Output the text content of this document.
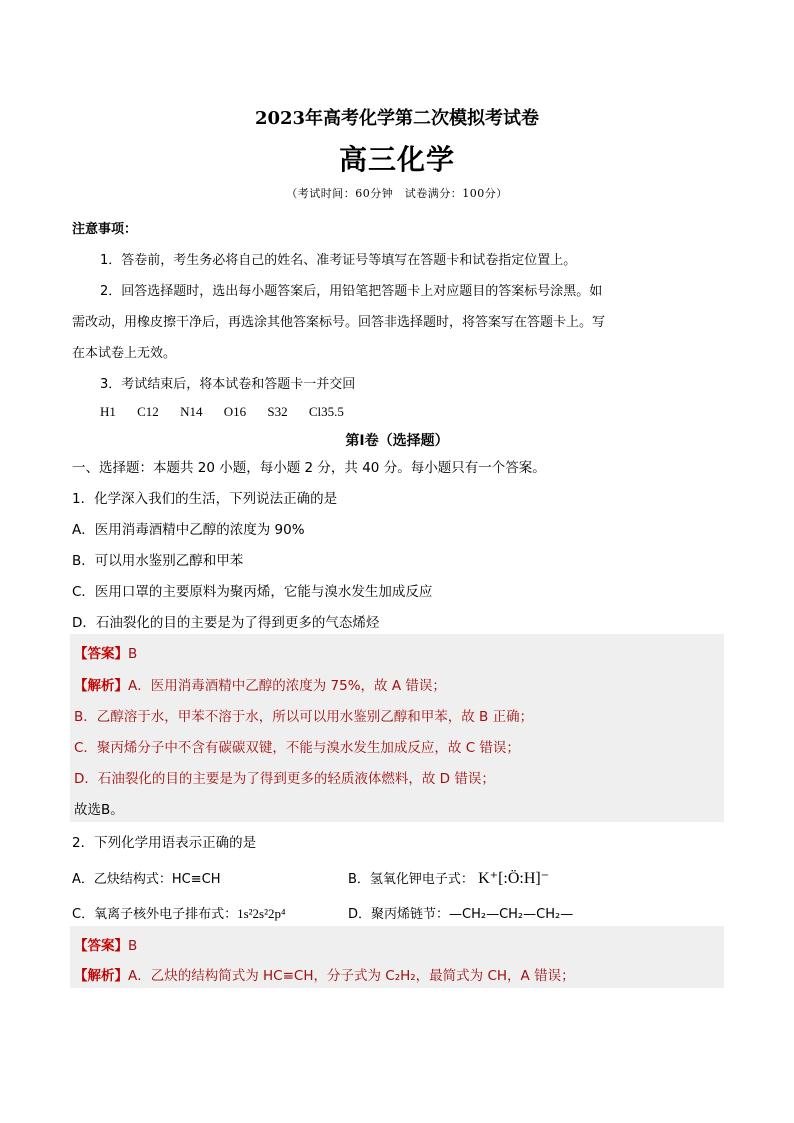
2023年高考化学第二次模拟考试卷
高三化学
（考试时间：60分钟　试卷满分：100分）
注意事项：
1．答卷前，考生务必将自己的姓名、准考证号等填写在答题卡和试卷指定位置上。
2．回答选择题时，选出每小题答案后，用铅笔把答题卡上对应题目的答案标号涂黑。如
需改动，用橡皮擦干净后，再选涂其他答案标号。回答非选择题时，将答案写在答题卡上。写
在本试卷上无效。
3．考试结束后，将本试卷和答题卡一并交回
H1 C12 N14 O16 S32 Cl35.5
第Ⅰ卷（选择题）
一、选择题：本题共 20 小题，每小题 2 分，共 40 分。每小题只有一个答案。
1．化学深入我们的生活，下列说法正确的是
A．医用消毒酒精中乙醇的浓度为 90%
B．可以用水鉴别乙醇和甲苯
C．医用口罩的主要原料为聚丙烯，它能与溴水发生加成反应
D．石油裂化的目的主要是为了得到更多的气态烯烃
【答案】B
【解析】A．医用消毒酒精中乙醇的浓度为 75%，故 A 错误；
B．乙醇溶于水，甲苯不溶于水，所以可以用水鉴别乙醇和甲苯，故 B 正确；
C．聚丙烯分子中不含有碳碳双键，不能与溴水发生加成反应，故 C 错误；
D．石油裂化的目的主要是为了得到更多的轻质液体燃料，故 D 错误；
故选B。
2．下列化学用语表示正确的是
A．乙炔结构式：HC≡CH	B．氢氧化钾电子式： K⁺[:Ö:H]⁻
C．氧离子核外电子排布式：1s²2s²2p⁴	D．聚丙烯链节：—CH₂—CH₂—CH₂—
【答案】B
【解析】A．乙炔的结构简式为 HC≡CH，分子式为 C₂H₂，最简式为 CH，A 错误；
